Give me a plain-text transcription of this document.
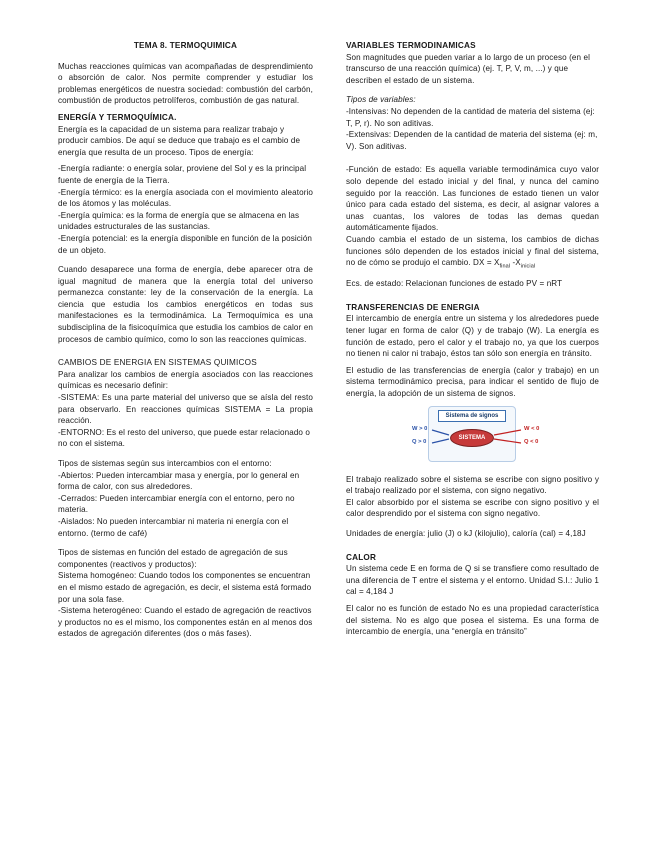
TEMA 8. TERMOQUIMICA

Muchas reacciones químicas van acompañadas de desprendimiento o absorción de calor. Nos permite comprender y estudiar los problemas energéticos de nuestra sociedad: combustión del carbón, combustión de productos petrolíferos, combustión de gas natural.

ENERGÍA Y TERMOQUÍMICA.

Energía es la capacidad de un sistema para realizar trabajo y producir cambios. De aquí se deduce que trabajo es el cambio de energía que resulta de un proceso. Tipos de energía:

-Energía radiante: o energía solar, proviene del Sol y es la principal fuente de energía de la Tierra.

-Energía térmico: es la energía asociada con el movimiento aleatorio de los átomos y las moléculas.

-Energía química: es la forma de energía que se almacena en las unidades estructurales de las sustancias.

-Energía potencial: es la energía disponible en función de la posición de un objeto.

Cuando desaparece una forma de energía, debe aparecer otra de igual magnitud de manera que la energía total del universo permanezca constante: ley de la conservación de la energía. La ciencia que estudia los cambios energéticos en todas sus manifestaciones es la termodinámica. La Termoquímica es una subdisciplina de la fisicoquímica que estudia los cambios de calor en procesos de cambio químico, como lo son las reacciones químicas.

CAMBIOS DE ENERGIA EN SISTEMAS QUIMICOS

Para analizar los cambios de energía asociados con las reacciones químicas es necesario definir:

-SISTEMA: Es una parte material del universo que se aísla del resto para observarlo. En reacciones químicas SISTEMA = La propia reacción.

-ENTORNO: Es el resto del universo, que puede estar relacionado o no con el sistema.

Tipos de sistemas según sus intercambios con el entorno:

-Abiertos: Pueden intercambiar masa y energía, por lo general en forma de calor, con sus alrededores.

-Cerrados: Pueden intercambiar energía con el entorno, pero no materia.

-Aislados: No pueden intercambiar ni materia ni energía con el entorno. (termo de café)

Tipos de sistemas en función del estado de agregación de sus componentes (reactivos y productos):

Sistema homogéneo: Cuando todos los componentes se encuentran en el mismo estado de agregación, es decir, el sistema está formado por una sola fase.

-Sistema heterogéneo: Cuando el estado de agregación de reactivos y productos no es el mismo, los componentes están en al menos dos estados de agregación diferentes (dos o más fases).

VARIABLES TERMODINAMICAS

Son magnitudes que pueden variar a lo largo de un proceso (en el transcurso de una reacción química) (ej. T, P, V, m, ...) y que describen el estado de un sistema.

Tipos de variables:

-Intensivas: No dependen de la cantidad de materia del sistema (ej: T, P, r). No son aditivas.

-Extensivas: Dependen de la cantidad de materia del sistema (ej: m, V). Son aditivas.

-Función de estado: Es aquella variable termodinámica cuyo valor solo depende del estado inicial y del final, y nunca del camino seguido por la reacción. Las funciones de estado tienen un valor único para cada estado del sistema, es decir, al asignar valores a unas cuantas, los valores de todas las demas quedan automáticamente fijados.

Cuando cambia el estado de un sistema, los cambios de dichas funciones sólo dependen de los estados inicial y final del sistema, no de cómo se produjo el cambio. DX = $X_{final}$ $-X_{inicial}$

Ecs. de estado: Relacionan funciones de estado PV = nRT

TRANSFERENCIAS DE ENERGIA

El intercambio de energía entre un sistema y los alrededores puede tener lugar en forma de calor (Q) y de trabajo (W). La energía es función de estado, pero el calor y el trabajo no, ya que los cuerpos no tienen ni calor ni trabajo, éstos tan sólo son energía en tránsito.

El estudio de las transferencias de energía (calor y trabajo) en un sistema termodinámico precisa, para indicar el sentido de flujo de energía, la adopción de un sistema de signos.

Sistema de signos
SISTEMA
W > 0
Q > 0
W < 0
Q < 0

El trabajo realizado sobre el sistema se escribe con signo positivo y el trabajo realizado por el sistema, con signo negativo.

El calor absorbido por el sistema se escribe con signo positivo y el calor desprendido por el sistema con signo negativo.

Unidades de energía: julio (J) o kJ (kilojulio), caloría (cal) = 4,18J

CALOR

Un sistema cede E en forma de Q si se transfiere como resultado de una diferencia de T entre el sistema y el entorno. Unidad S.I.: Julio 1 cal = 4,184 J

El calor no es función de estado No es una propiedad característica del sistema. No es algo que posea el sistema. Es una forma de intercambio de energía, una “energía en tránsito”
